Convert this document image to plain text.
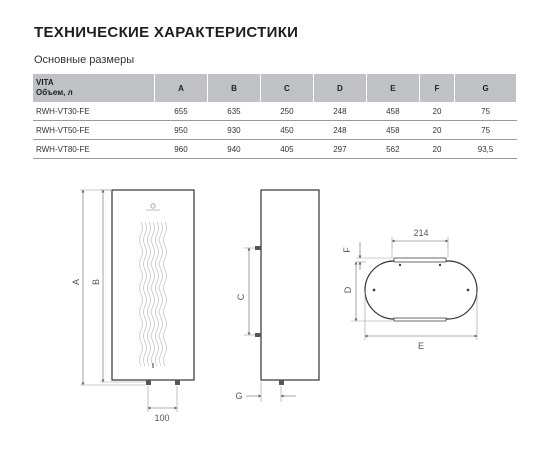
ТЕХНИЧЕСКИЕ ХАРАКТЕРИСТИКИ
Основные размеры
VITA
Объем, л	A	B	C	D	E	F	G
RWH-VT30-FE	655	635	250	248	458	20	75
RWH-VT50-FE	950	930	450	248	458	20	75
RWH-VT80-FE	960	940	405	297	562	20	93,5
A B
100
C
G
214
F
D
E
